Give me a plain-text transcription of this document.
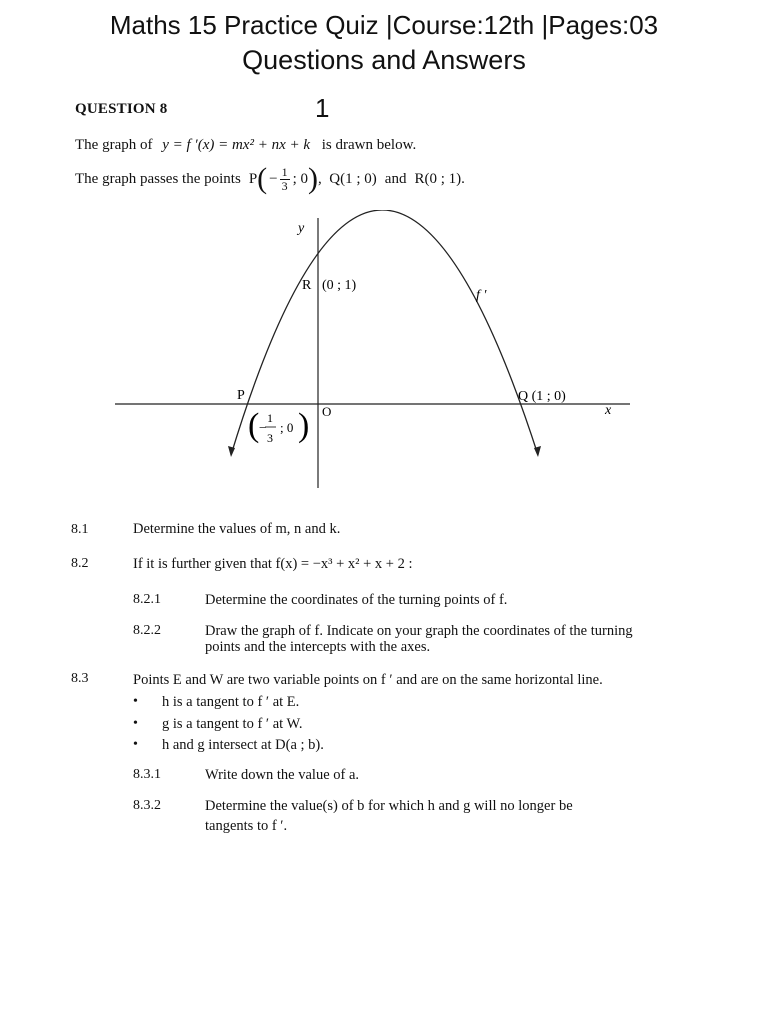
Maths 15 Practice Quiz |Course:12th |Pages:03
Questions and Answers
QUESTION 8	1
The graph of y = f ′(x) = mx² + nx + k is drawn below.
The graph passes the points P ( − $\frac{1}{3}$ ; 0 ) , Q(1 ; 0) and R(0 ; 1).
y
x
O
R (0 ; 1)
f ′
P	Q (1 ; 0)
( −
1
3
; 0 )
8.1	Determine the values of m, n and k.
8.2	If it is further given that f(x) = −x³ + x² + x + 2 :
8.2.1	Determine the coordinates of the turning points of f.
8.2.2	Draw the graph of f. Indicate on your graph the coordinates of the turning
points and the intercepts with the axes.
8.3	Points E and W are two variable points on f ′ and are on the same horizontal line.
• h is a tangent to f ′ at E.
• g is a tangent to f ′ at W.
• h and g intersect at D(a ; b).
8.3.1	Write down the value of a.
8.3.2	Determine the value(s) of b for which h and g will no longer be
tangents to f ′.
